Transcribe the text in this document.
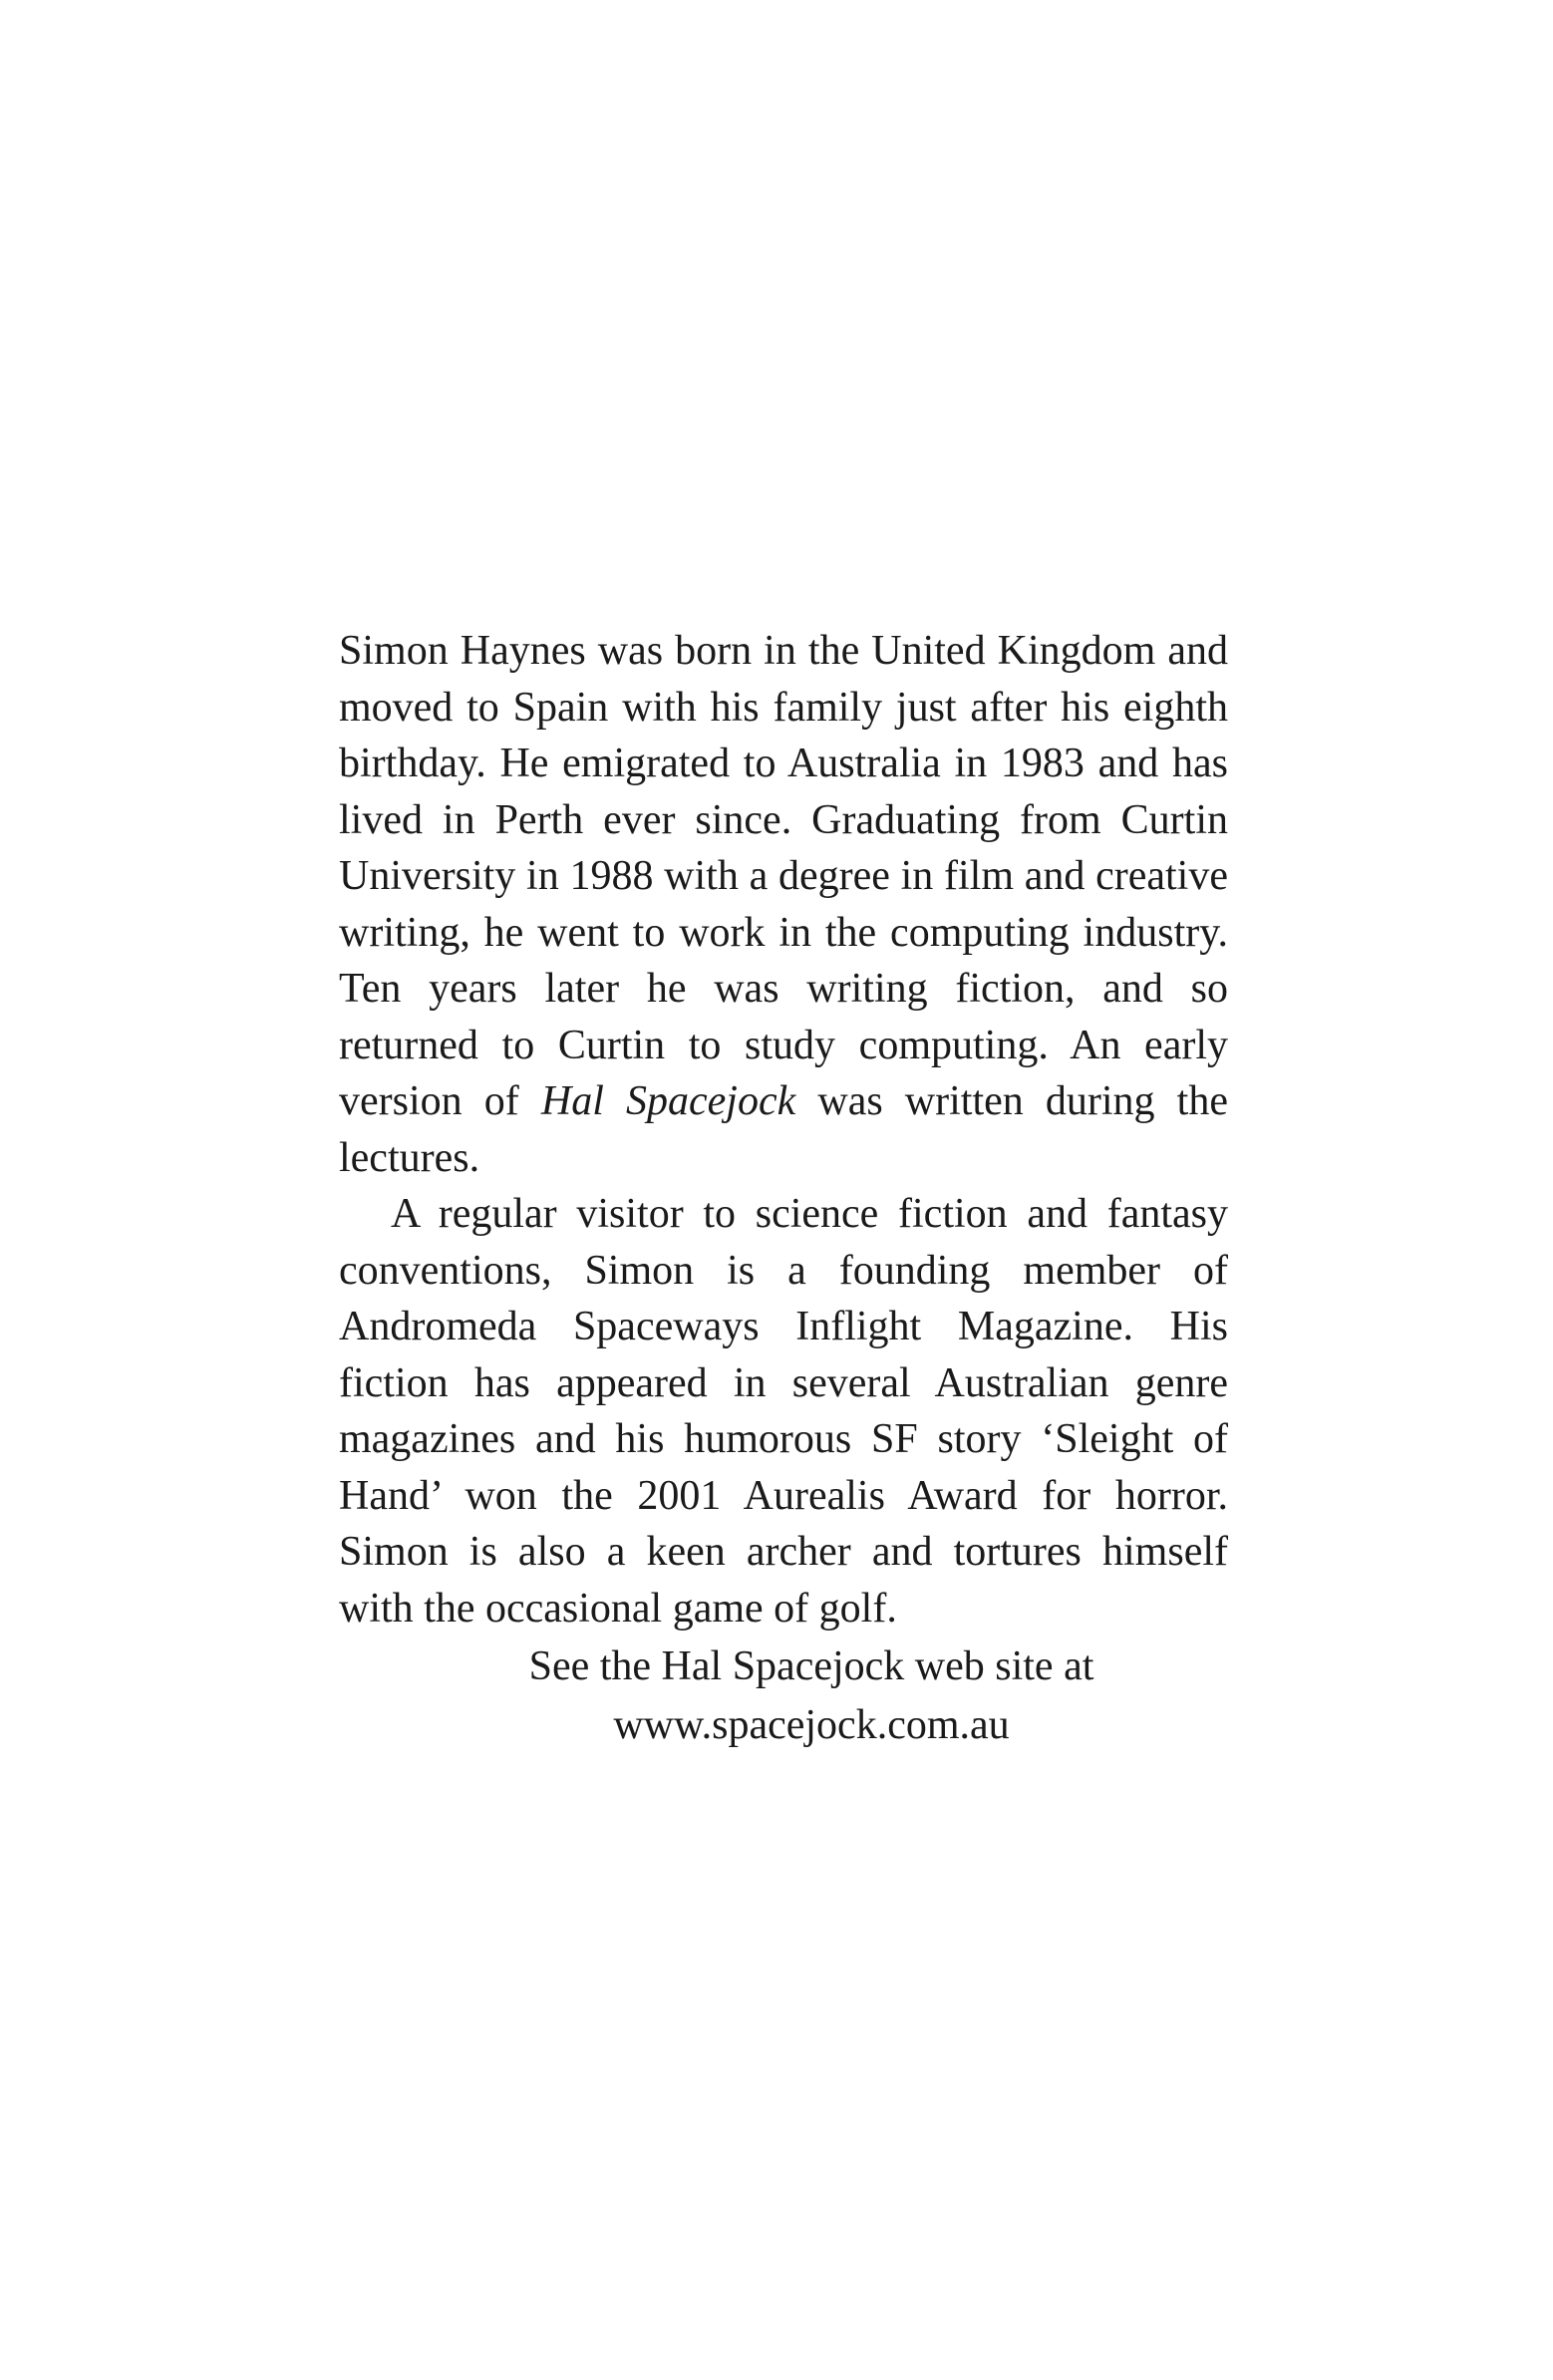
Simon Haynes was born in the United Kingdom and moved to Spain with his family just after his eighth birthday. He emigrated to Australia in 1983 and has lived in Perth ever since. Graduating from Curtin University in 1988 with a degree in film and creative writing, he went to work in the computing industry. Ten years later he was writing fiction, and so returned to Curtin to study computing. An early version of Hal Spacejock was written during the lectures.

A regular visitor to science fiction and fantasy conventions, Simon is a founding member of Andromeda Spaceways Inflight Magazine. His fiction has appeared in several Australian genre magazines and his humorous SF story ‘Sleight of Hand’ won the 2001 Aurealis Award for horror. Simon is also a keen archer and tortures himself with the occasional game of golf.

See the Hal Spacejock web site at
www.spacejock.com.au
